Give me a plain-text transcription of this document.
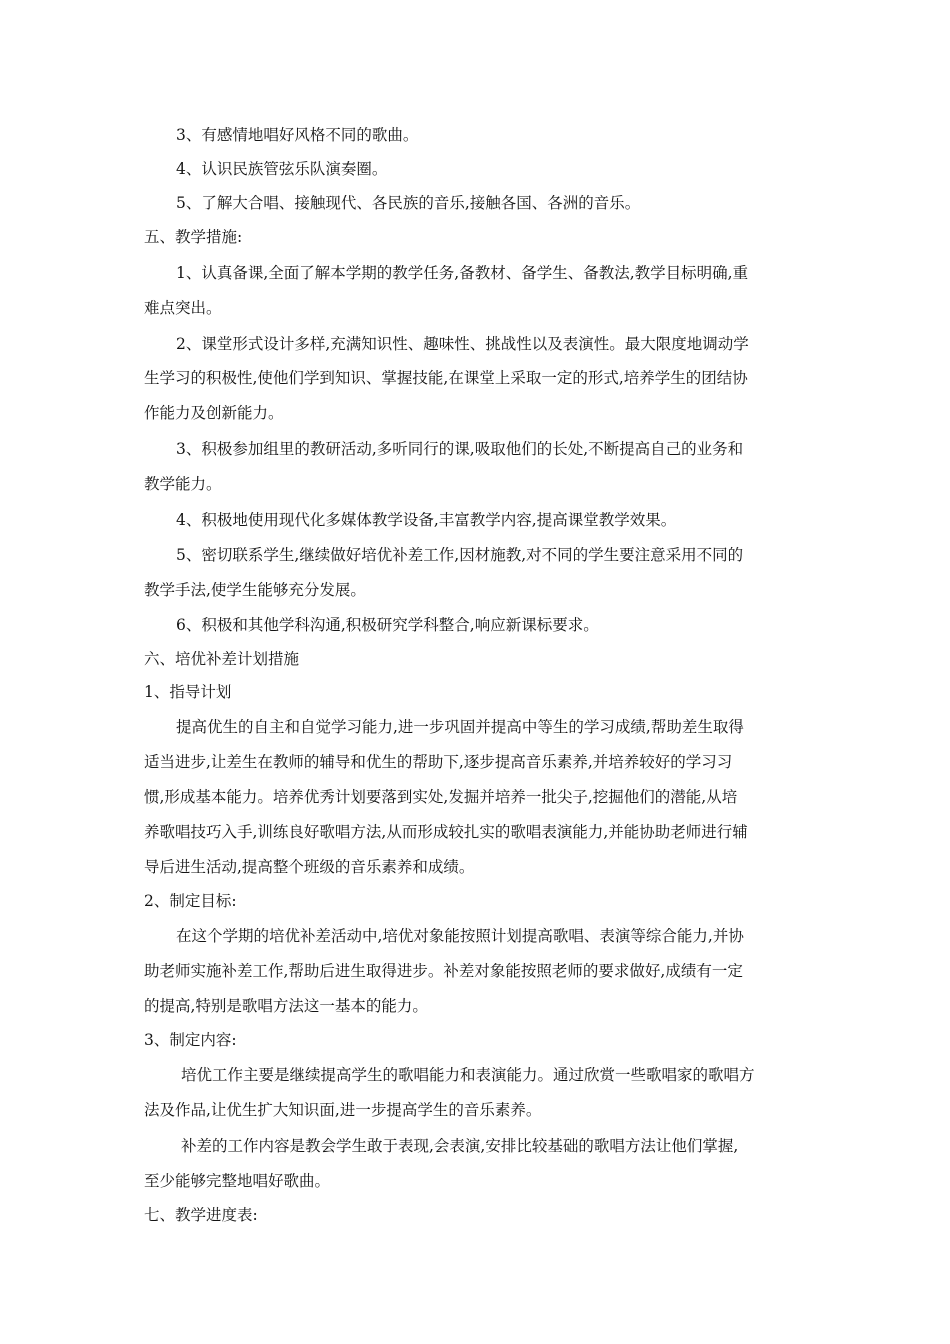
3、有感情地唱好风格不同的歌曲。
4、认识民族管弦乐队演奏圈。
5、了解大合唱、接触现代、各民族的音乐,接触各国、各洲的音乐。
五、教学措施:
1、认真备课,全面了解本学期的教学任务,备教材、备学生、备教法,教学目标明确,重
难点突出。
2、课堂形式设计多样,充满知识性、趣味性、挑战性以及表演性。最大限度地调动学
生学习的积极性,使他们学到知识、掌握技能,在课堂上采取一定的形式,培养学生的团结协
作能力及创新能力。
3、积极参加组里的教研活动,多听同行的课,吸取他们的长处,不断提高自己的业务和
教学能力。
4、积极地使用现代化多媒体教学设备,丰富教学内容,提高课堂教学效果。
5、密切联系学生,继续做好培优补差工作,因材施教,对不同的学生要注意采用不同的
教学手法,使学生能够充分发展。
6、积极和其他学科沟通,积极研究学科整合,响应新课标要求。
六、培优补差计划措施
1、指导计划
提高优生的自主和自觉学习能力,进一步巩固并提高中等生的学习成绩,帮助差生取得
适当进步,让差生在教师的辅导和优生的帮助下,逐步提高音乐素养,并培养较好的学习习
惯,形成基本能力。培养优秀计划要落到实处,发掘并培养一批尖子,挖掘他们的潜能,从培
养歌唱技巧入手,训练良好歌唱方法,从而形成较扎实的歌唱表演能力,并能协助老师进行辅
导后进生活动,提高整个班级的音乐素养和成绩。
2、制定目标:
在这个学期的培优补差活动中,培优对象能按照计划提高歌唱、表演等综合能力,并协
助老师实施补差工作,帮助后进生取得进步。补差对象能按照老师的要求做好,成绩有一定
的提高,特别是歌唱方法这一基本的能力。
3、制定内容:
培优工作主要是继续提高学生的歌唱能力和表演能力。通过欣赏一些歌唱家的歌唱方
法及作品,让优生扩大知识面,进一步提高学生的音乐素养。
补差的工作内容是教会学生敢于表现,会表演,安排比较基础的歌唱方法让他们掌握,
至少能够完整地唱好歌曲。
七、教学进度表:
